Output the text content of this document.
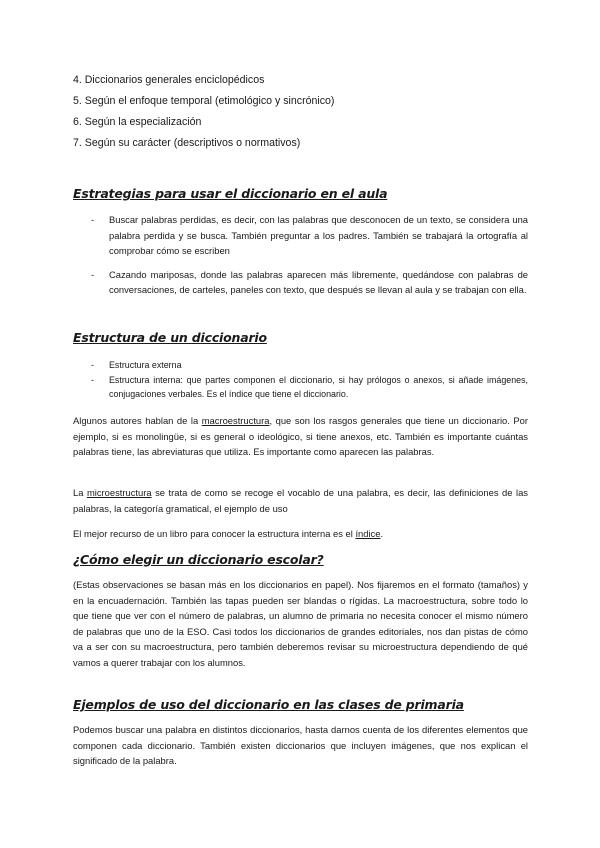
4. Diccionarios generales enciclopédicos

5. Según el enfoque temporal (etimológico y sincrónico)

6. Según la especialización

7. Según su carácter (descriptivos o normativos)

Estrategias para usar el diccionario en el aula
- Buscar palabras perdidas, es decir, con las palabras que desconocen de un texto, se considera una palabra perdida y se busca. También preguntar a los padres. También se trabajará la ortografía al comprobar cómo se escriben
- Cazando mariposas, donde las palabras aparecen más libremente, quedándose con palabras de conversaciones, de carteles, paneles con texto, que después se llevan al aula y se trabajan con ella.
Estructura de un diccionario
- Estructura externa
- Estructura interna: que partes componen el diccionario, si hay prólogos o anexos, si añade imágenes, conjugaciones verbales. Es el índice que tiene el diccionario.

Algunos autores hablan de la macroestructura, que son los rasgos generales que tiene un diccionario. Por ejemplo, si es monolingüe, si es general o ideológico, si tiene anexos, etc. También es importante cuántas palabras tiene, las abreviaturas que utiliza. Es importante como aparecen las palabras.

La microestructura se trata de como se recoge el vocablo de una palabra, es decir, las definiciones de las palabras, la categoría gramatical, el ejemplo de uso

El mejor recurso de un libro para conocer la estructura interna es el índice.

¿Cómo elegir un diccionario escolar?

(Estas observaciones se basan más en los diccionarios en papel). Nos fijaremos en el formato (tamaños) y en la encuadernación. También las tapas pueden ser blandas o rígidas. La macroestructura, sobre todo lo que tiene que ver con el número de palabras, un alumno de primaria no necesita conocer el mismo número de palabras que uno de la ESO. Casi todos los diccionarios de grandes editoriales, nos dan pistas de cómo va a ser con su macroestructura, pero también deberemos revisar su microestructura dependiendo de qué vamos a querer trabajar con los alumnos.

Ejemplos de uso del diccionario en las clases de primaria

Podemos buscar una palabra en distintos diccionarios, hasta darnos cuenta de los diferentes elementos que componen cada diccionario. También existen diccionarios que incluyen imágenes, que nos explican el significado de la palabra.
